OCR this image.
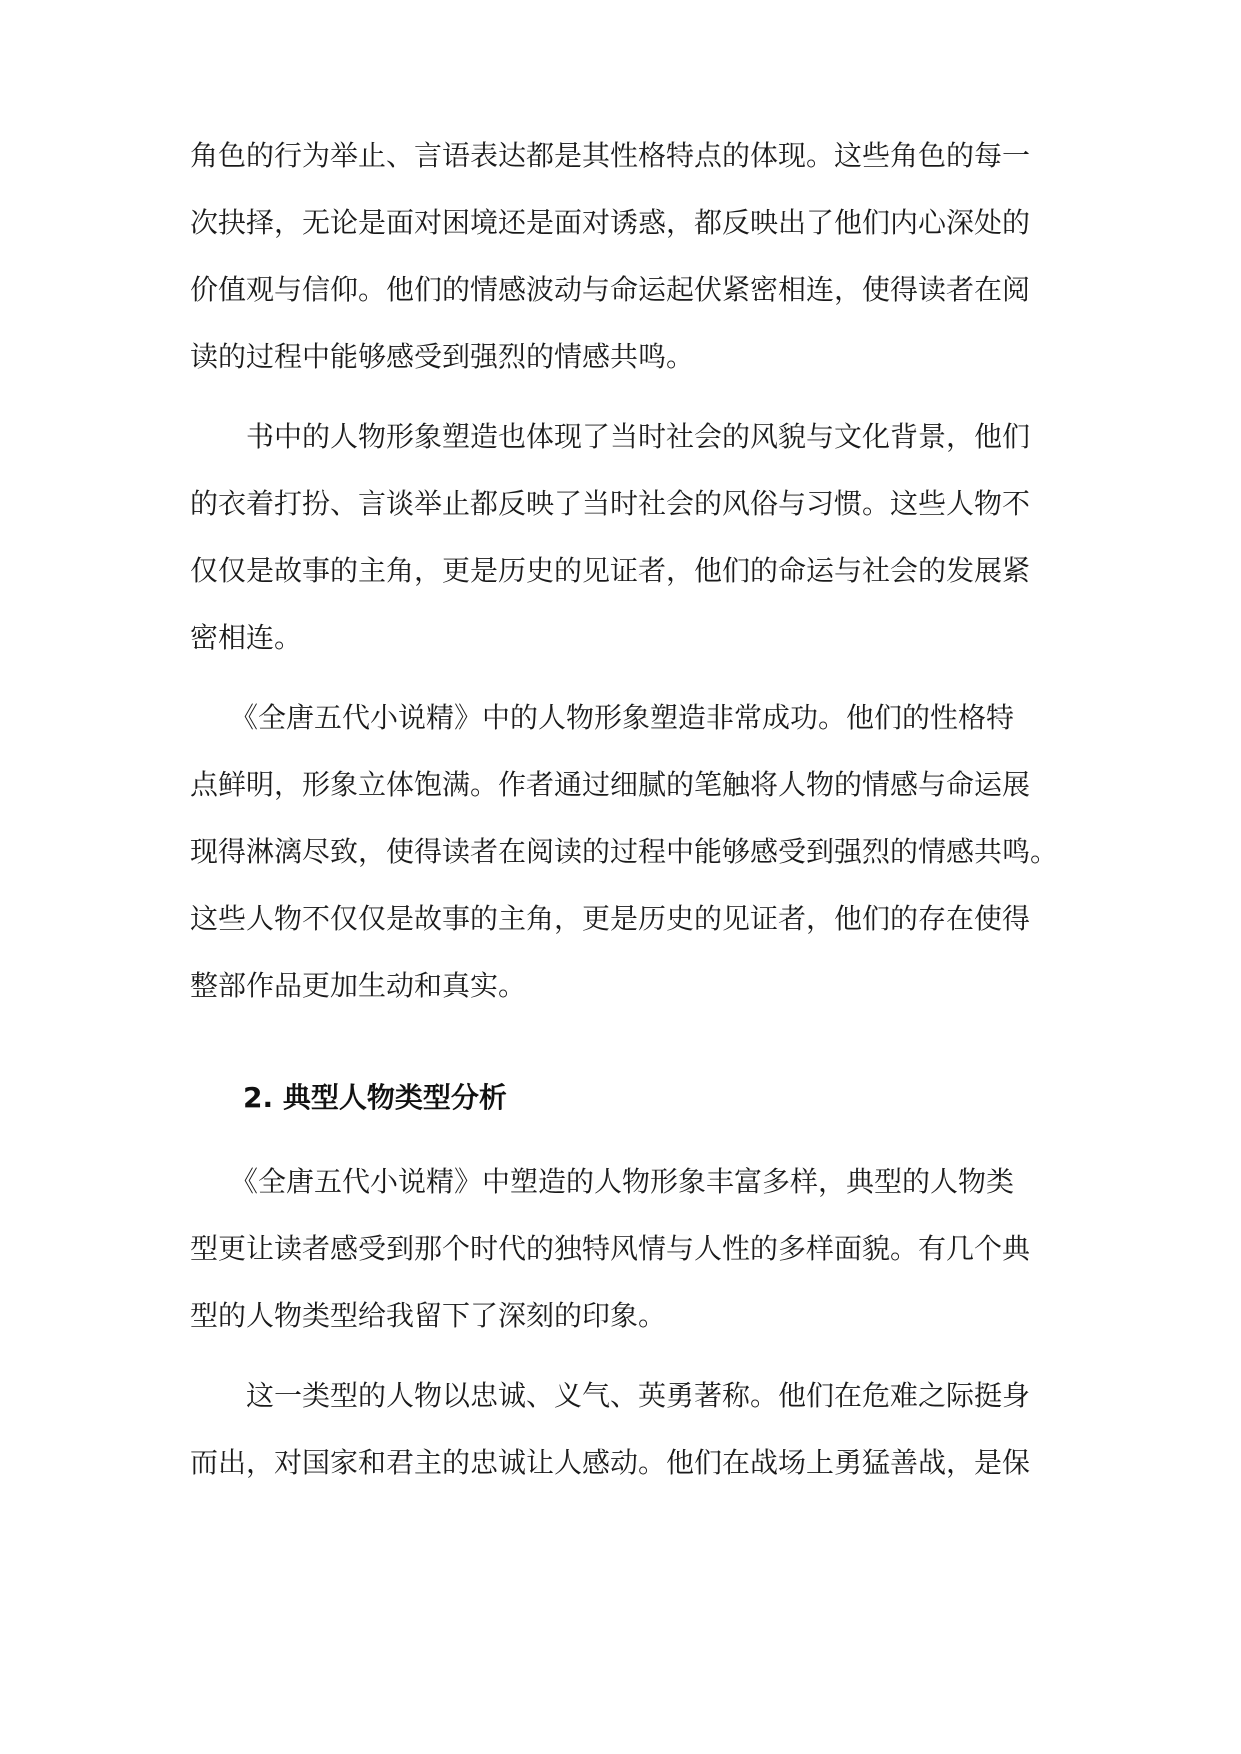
角色的行为举止、言语表达都是其性格特点的体现。这些角色的每一
次抉择，无论是面对困境还是面对诱惑，都反映出了他们内心深处的
价值观与信仰。他们的情感波动与命运起伏紧密相连，使得读者在阅
读的过程中能够感受到强烈的情感共鸣。
书中的人物形象塑造也体现了当时社会的风貌与文化背景，他们
的衣着打扮、言谈举止都反映了当时社会的风俗与习惯。这些人物不
仅仅是故事的主角，更是历史的见证者，他们的命运与社会的发展紧
密相连。
《全唐五代小说精》中的人物形象塑造非常成功。他们的性格特
点鲜明，形象立体饱满。作者通过细腻的笔触将人物的情感与命运展
现得淋漓尽致，使得读者在阅读的过程中能够感受到强烈的情感共鸣。
这些人物不仅仅是故事的主角，更是历史的见证者，他们的存在使得
整部作品更加生动和真实。
2. 典型人物类型分析
《全唐五代小说精》中塑造的人物形象丰富多样，典型的人物类
型更让读者感受到那个时代的独特风情与人性的多样面貌。有几个典
型的人物类型给我留下了深刻的印象。
这一类型的人物以忠诚、义气、英勇著称。他们在危难之际挺身
而出，对国家和君主的忠诚让人感动。他们在战场上勇猛善战，是保
